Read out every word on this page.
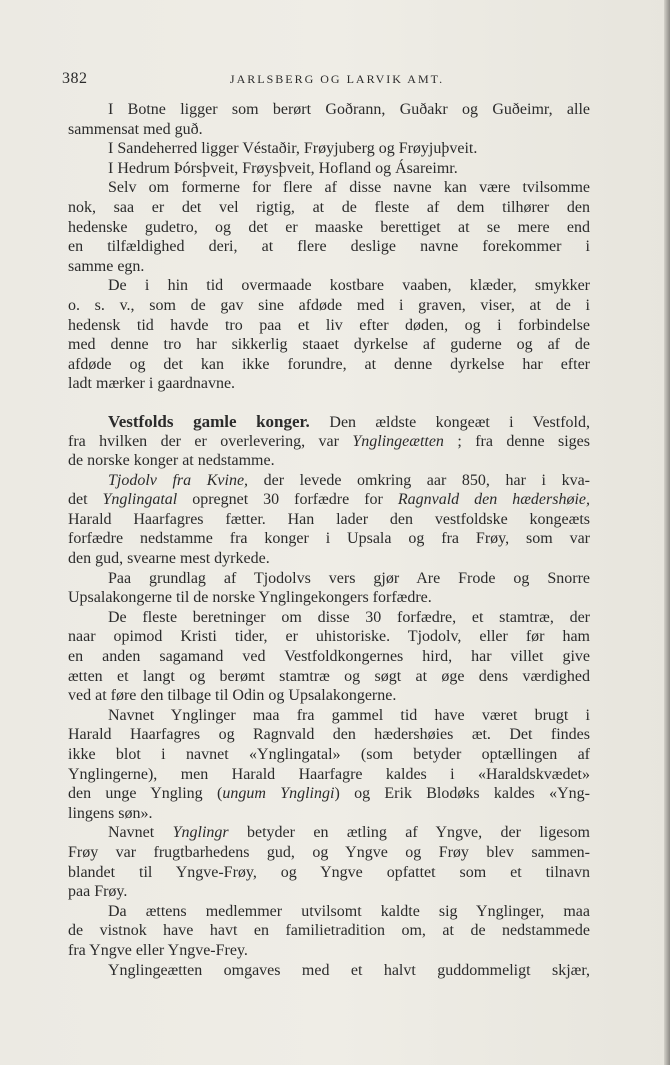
382	JARLSBERG OG LARVIK AMT.
I Botne ligger som berørt Goðrann, Guðakr og Guðeimr, alle
sammensat med guð.
I Sandeherred ligger Véstaðir, Frøyjuberg og Frøyjuþveit.
I Hedrum Þórsþveit, Frøysþveit, Hofland og Ásareimr.
Selv om formerne for flere af disse navne kan være tvilsomme
nok, saa er det vel rigtig, at de fleste af dem tilhører den
hedenske gudetro, og det er maaske berettiget at se mere end
en tilfældighed deri, at flere deslige navne forekommer i
samme egn.
De i hin tid overmaade kostbare vaaben, klæder, smykker
o. s. v., som de gav sine afdøde med i graven, viser, at de i
hedensk tid havde tro paa et liv efter døden, og i forbindelse
med denne tro har sikkerlig staaet dyrkelse af guderne og af de
afdøde og det kan ikke forundre, at denne dyrkelse har efter
ladt mærker i gaardnavne.
Vestfolds gamle konger. Den ældste kongeæt i Vestfold,
fra hvilken der er overlevering, var Ynglingeætten ; fra denne siges
de norske konger at nedstamme.
Tjodolv fra Kvine, der levede omkring aar 850, har i kva-
det Ynglingatal opregnet 30 forfædre for Ragnvald den hædershøie,
Harald Haarfagres fætter. Han lader den vestfoldske kongeæts
forfædre nedstamme fra konger i Upsala og fra Frøy, som var
den gud, svearne mest dyrkede.
Paa grundlag af Tjodolvs vers gjør Are Frode og Snorre
Upsalakongerne til de norske Ynglingekongers forfædre.
De fleste beretninger om disse 30 forfædre, et stamtræ, der
naar opimod Kristi tider, er uhistoriske. Tjodolv, eller før ham
en anden sagamand ved Vestfoldkongernes hird, har villet give
ætten et langt og berømt stamtræ og søgt at øge dens værdighed
ved at føre den tilbage til Odin og Upsalakongerne.
Navnet Ynglinger maa fra gammel tid have været brugt i
Harald Haarfagres og Ragnvald den hædershøies æt. Det findes
ikke blot i navnet «Ynglingatal» (som betyder optællingen af
Ynglingerne), men Harald Haarfagre kaldes i «Haraldskvædet»
den unge Yngling (ungum Ynglingi) og Erik Blodøks kaldes «Yng-
lingens søn».
Navnet Ynglingr betyder en ætling af Yngve, der ligesom
Frøy var frugtbarhedens gud, og Yngve og Frøy blev sammen-
blandet til Yngve-Frøy, og Yngve opfattet som et tilnavn
paa Frøy.
Da ættens medlemmer utvilsomt kaldte sig Ynglinger, maa
de vistnok have havt en familietradition om, at de nedstammede
fra Yngve eller Yngve-Frey.
Ynglingeætten omgaves med et halvt guddommeligt skjær,
